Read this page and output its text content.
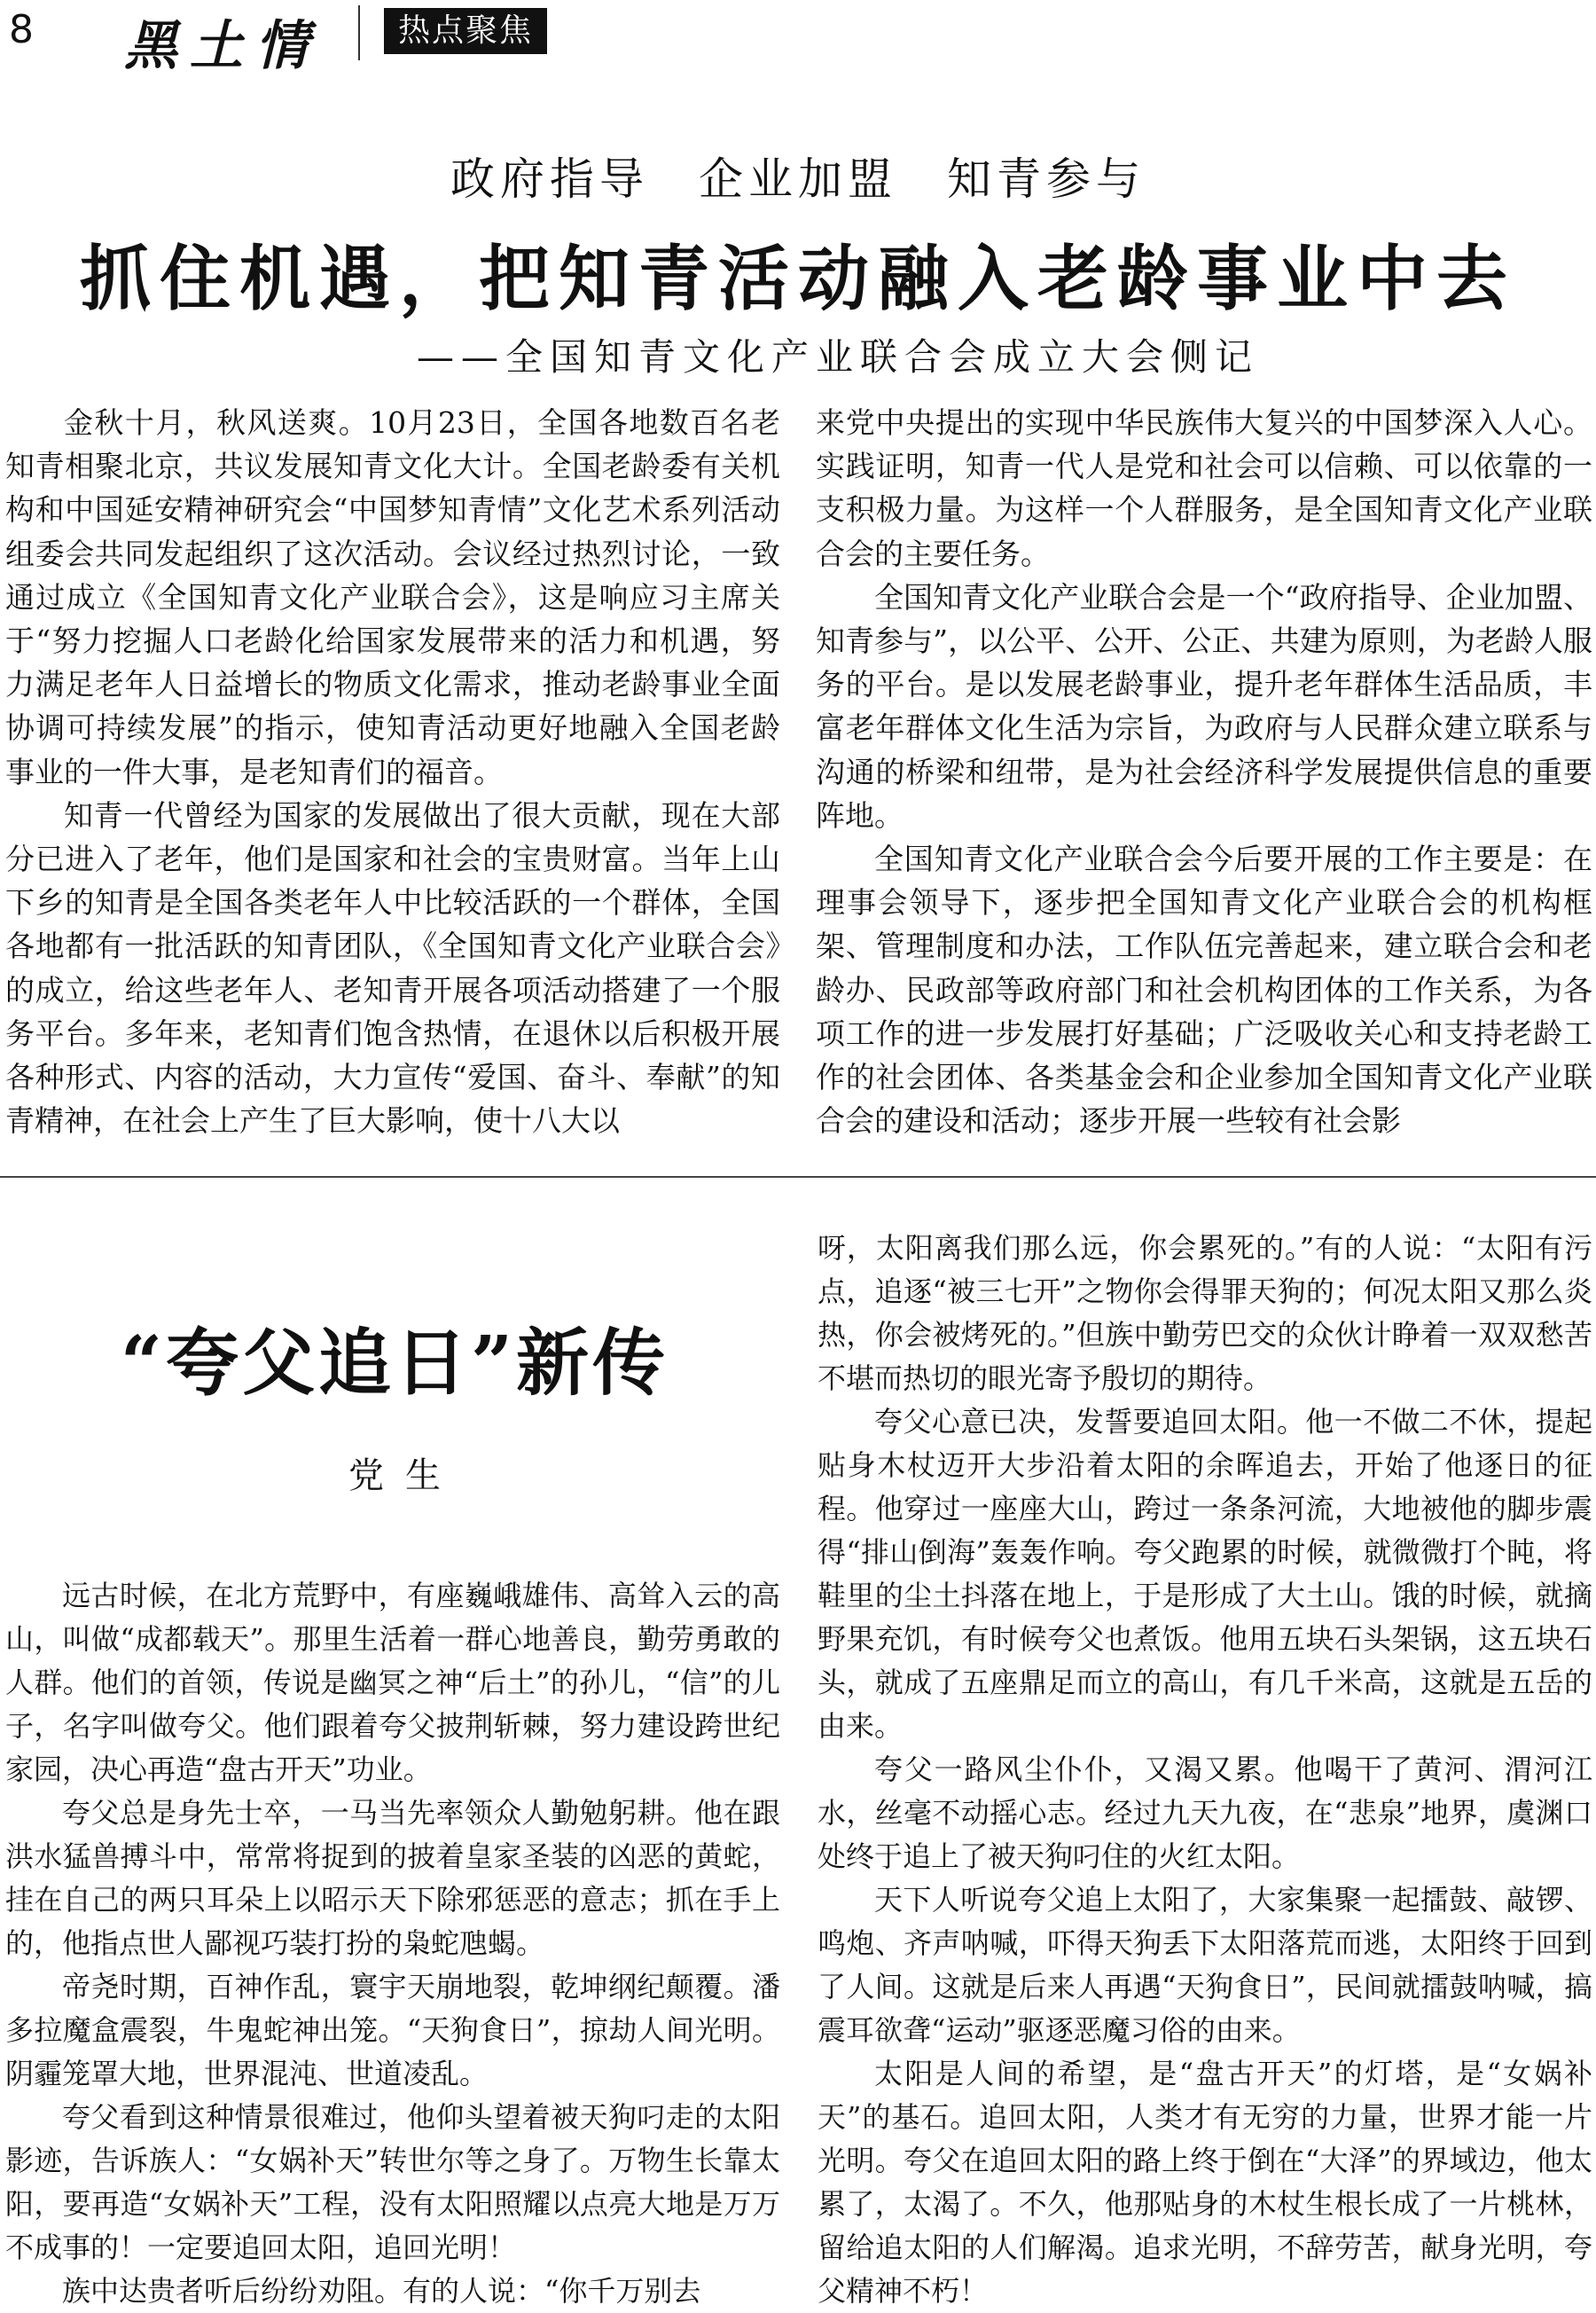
8 黑土情	热点聚焦
政府指导　企业加盟　知青参与
抓住机遇，把知青活动融入老龄事业中去
——全国知青文化产业联合会成立大会侧记

金秋十月，秋风送爽。10月23日，全国各地数百名老知青相聚北京，共议发展知青文化大计。全国老龄委有关机构和中国延安精神研究会“中国梦知青情”文化艺术系列活动组委会共同发起组织了这次活动。会议经过热烈讨论，一致通过成立《全国知青文化产业联合会》，这是响应习主席关于“努力挖掘人口老龄化给国家发展带来的活力和机遇，努力满足老年人日益增长的物质文化需求，推动老龄事业全面协调可持续发展”的指示，使知青活动更好地融入全国老龄事业的一件大事，是老知青们的福音。

知青一代曾经为国家的发展做出了很大贡献，现在大部分已进入了老年，他们是国家和社会的宝贵财富。当年上山下乡的知青是全国各类老年人中比较活跃的一个群体，全国各地都有一批活跃的知青团队，《全国知青文化产业联合会》的成立，给这些老年人、老知青开展各项活动搭建了一个服务平台。多年来，老知青们饱含热情，在退休以后积极开展各种形式、内容的活动，大力宣传“爱国、奋斗、奉献”的知青精神，在社会上产生了巨大影响，使十八大以

来党中央提出的实现中华民族伟大复兴的中国梦深入人心。实践证明，知青一代人是党和社会可以信赖、可以依靠的一支积极力量。为这样一个人群服务，是全国知青文化产业联合会的主要任务。

全国知青文化产业联合会是一个“政府指导、企业加盟、知青参与”，以公平、公开、公正、共建为原则，为老龄人服务的平台。是以发展老龄事业，提升老年群体生活品质，丰富老年群体文化生活为宗旨，为政府与人民群众建立联系与沟通的桥梁和纽带，是为社会经济科学发展提供信息的重要阵地。

全国知青文化产业联合会今后要开展的工作主要是：在理事会领导下，逐步把全国知青文化产业联合会的机构框架、管理制度和办法，工作队伍完善起来，建立联合会和老龄办、民政部等政府部门和社会机构团体的工作关系，为各项工作的进一步发展打好基础；广泛吸收关心和支持老龄工作的社会团体、各类基金会和企业参加全国知青文化产业联合会的建设和活动；逐步开展一些较有社会影

“夸父追日”新传
党生

远古时候，在北方荒野中，有座巍峨雄伟、高耸入云的高山，叫做“成都载天”。那里生活着一群心地善良，勤劳勇敢的人群。他们的首领，传说是幽冥之神“后土”的孙儿，“信”的儿子，名字叫做夸父。他们跟着夸父披荆斩棘，努力建设跨世纪家园，决心再造“盘古开天”功业。

夸父总是身先士卒，一马当先率领众人勤勉躬耕。他在跟洪水猛兽搏斗中，常常将捉到的披着皇家圣装的凶恶的黄蛇，挂在自己的两只耳朵上以昭示天下除邪惩恶的意志；抓在手上的，他指点世人鄙视巧装打扮的枭蛇虺蝎。

帝尧时期，百神作乱，寰宇天崩地裂，乾坤纲纪颠覆。潘多拉魔盒震裂，牛鬼蛇神出笼。“天狗食日”，掠劫人间光明。阴霾笼罩大地，世界混沌、世道凌乱。

夸父看到这种情景很难过，他仰头望着被天狗叼走的太阳影迹，告诉族人：“女娲补天”转世尔等之身了。万物生长靠太阳，要再造“女娲补天”工程，没有太阳照耀以点亮大地是万万不成事的！一定要追回太阳，追回光明！

族中达贵者听后纷纷劝阻。有的人说：“你千万别去

呀，太阳离我们那么远，你会累死的。”有的人说：“太阳有污点，追逐“被三七开”之物你会得罪天狗的；何况太阳又那么炎热，你会被烤死的。”但族中勤劳巴交的众伙计睁着一双双愁苦不堪而热切的眼光寄予殷切的期待。

夸父心意已决，发誓要追回太阳。他一不做二不休，提起贴身木杖迈开大步沿着太阳的余晖追去，开始了他逐日的征程。他穿过一座座大山，跨过一条条河流，大地被他的脚步震得“排山倒海”轰轰作响。夸父跑累的时候，就微微打个盹，将鞋里的尘土抖落在地上，于是形成了大土山。饿的时候，就摘野果充饥，有时候夸父也煮饭。他用五块石头架锅，这五块石头，就成了五座鼎足而立的高山，有几千米高，这就是五岳的由来。

夸父一路风尘仆仆，又渴又累。他喝干了黄河、渭河江水，丝毫不动摇心志。经过九天九夜，在“悲泉”地界，虞渊口处终于追上了被天狗叼住的火红太阳。

天下人听说夸父追上太阳了，大家集聚一起擂鼓、敲锣、鸣炮、齐声呐喊，吓得天狗丢下太阳落荒而逃，太阳终于回到了人间。这就是后来人再遇“天狗食日”，民间就擂鼓呐喊，搞震耳欲聋“运动”驱逐恶魔习俗的由来。

太阳是人间的希望，是“盘古开天”的灯塔，是“女娲补天”的基石。追回太阳，人类才有无穷的力量，世界才能一片光明。夸父在追回太阳的路上终于倒在“大泽”的界域边，他太累了，太渴了。不久，他那贴身的木杖生根长成了一片桃林，留给追太阳的人们解渴。追求光明，不辞劳苦，献身光明，夸父精神不朽！
